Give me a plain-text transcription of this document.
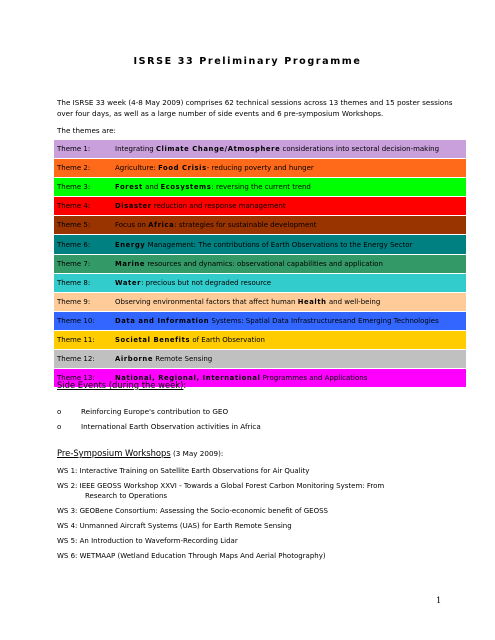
ISRSE 33 Preliminary Programme

The ISRSE 33 week (4-8 May 2009) comprises 62 technical sessions across 13 themes and 15 poster sessions over four days, as well as a large number of side events and 6 pre-symposium Workshops.

The themes are:

Theme 1:	Integrating Climate Change/Atmosphere considerations into sectoral decision-making
Theme 2:	Agriculture: Food Crisis- reducing poverty and hunger
Theme 3:	Forest and Ecosystems: reversing the current trend
Theme 4:	Disaster reduction and response management
Theme 5:	Focus on Africa: strategies for sustainable development
Theme 6:	Energy Management: The contributions of Earth Observations to the Energy Sector
Theme 7:	Marine resources and dynamics: observational capabilities and application
Theme 8:	Water: precious but not degraded resource
Theme 9:	Observing environmental factors that affect human Health and well-being
Theme 10:	Data and Information Systems: Spatial Data Infrastructuresand Emerging Technologies
Theme 11:	Societal Benefits of Earth Observation
Theme 12:	Airborne Remote Sensing
Theme 13:	National, Regional, International Programmes and Applications

Side Events (during the week):

o	Reinforcing Europe's contribution to GEO
o	International Earth Observation activities in Africa

Pre-Symposium Workshops (3 May 2009):

WS 1: Interactive Training on Satellite Earth Observations for Air Quality
WS 2: IEEE GEOSS Workshop XXVI - Towards a Global Forest Carbon Monitoring System: From
Research to Operations
WS 3: GEOBene Consortium: Assessing the Socio-economic benefit of GEOSS
WS 4: Unmanned Aircraft Systems (UAS) for Earth Remote Sensing
WS 5: An Introduction to Waveform-Recording Lidar
WS 6: WETMAAP (Wetland Education Through Maps And Aerial Photography)
1
